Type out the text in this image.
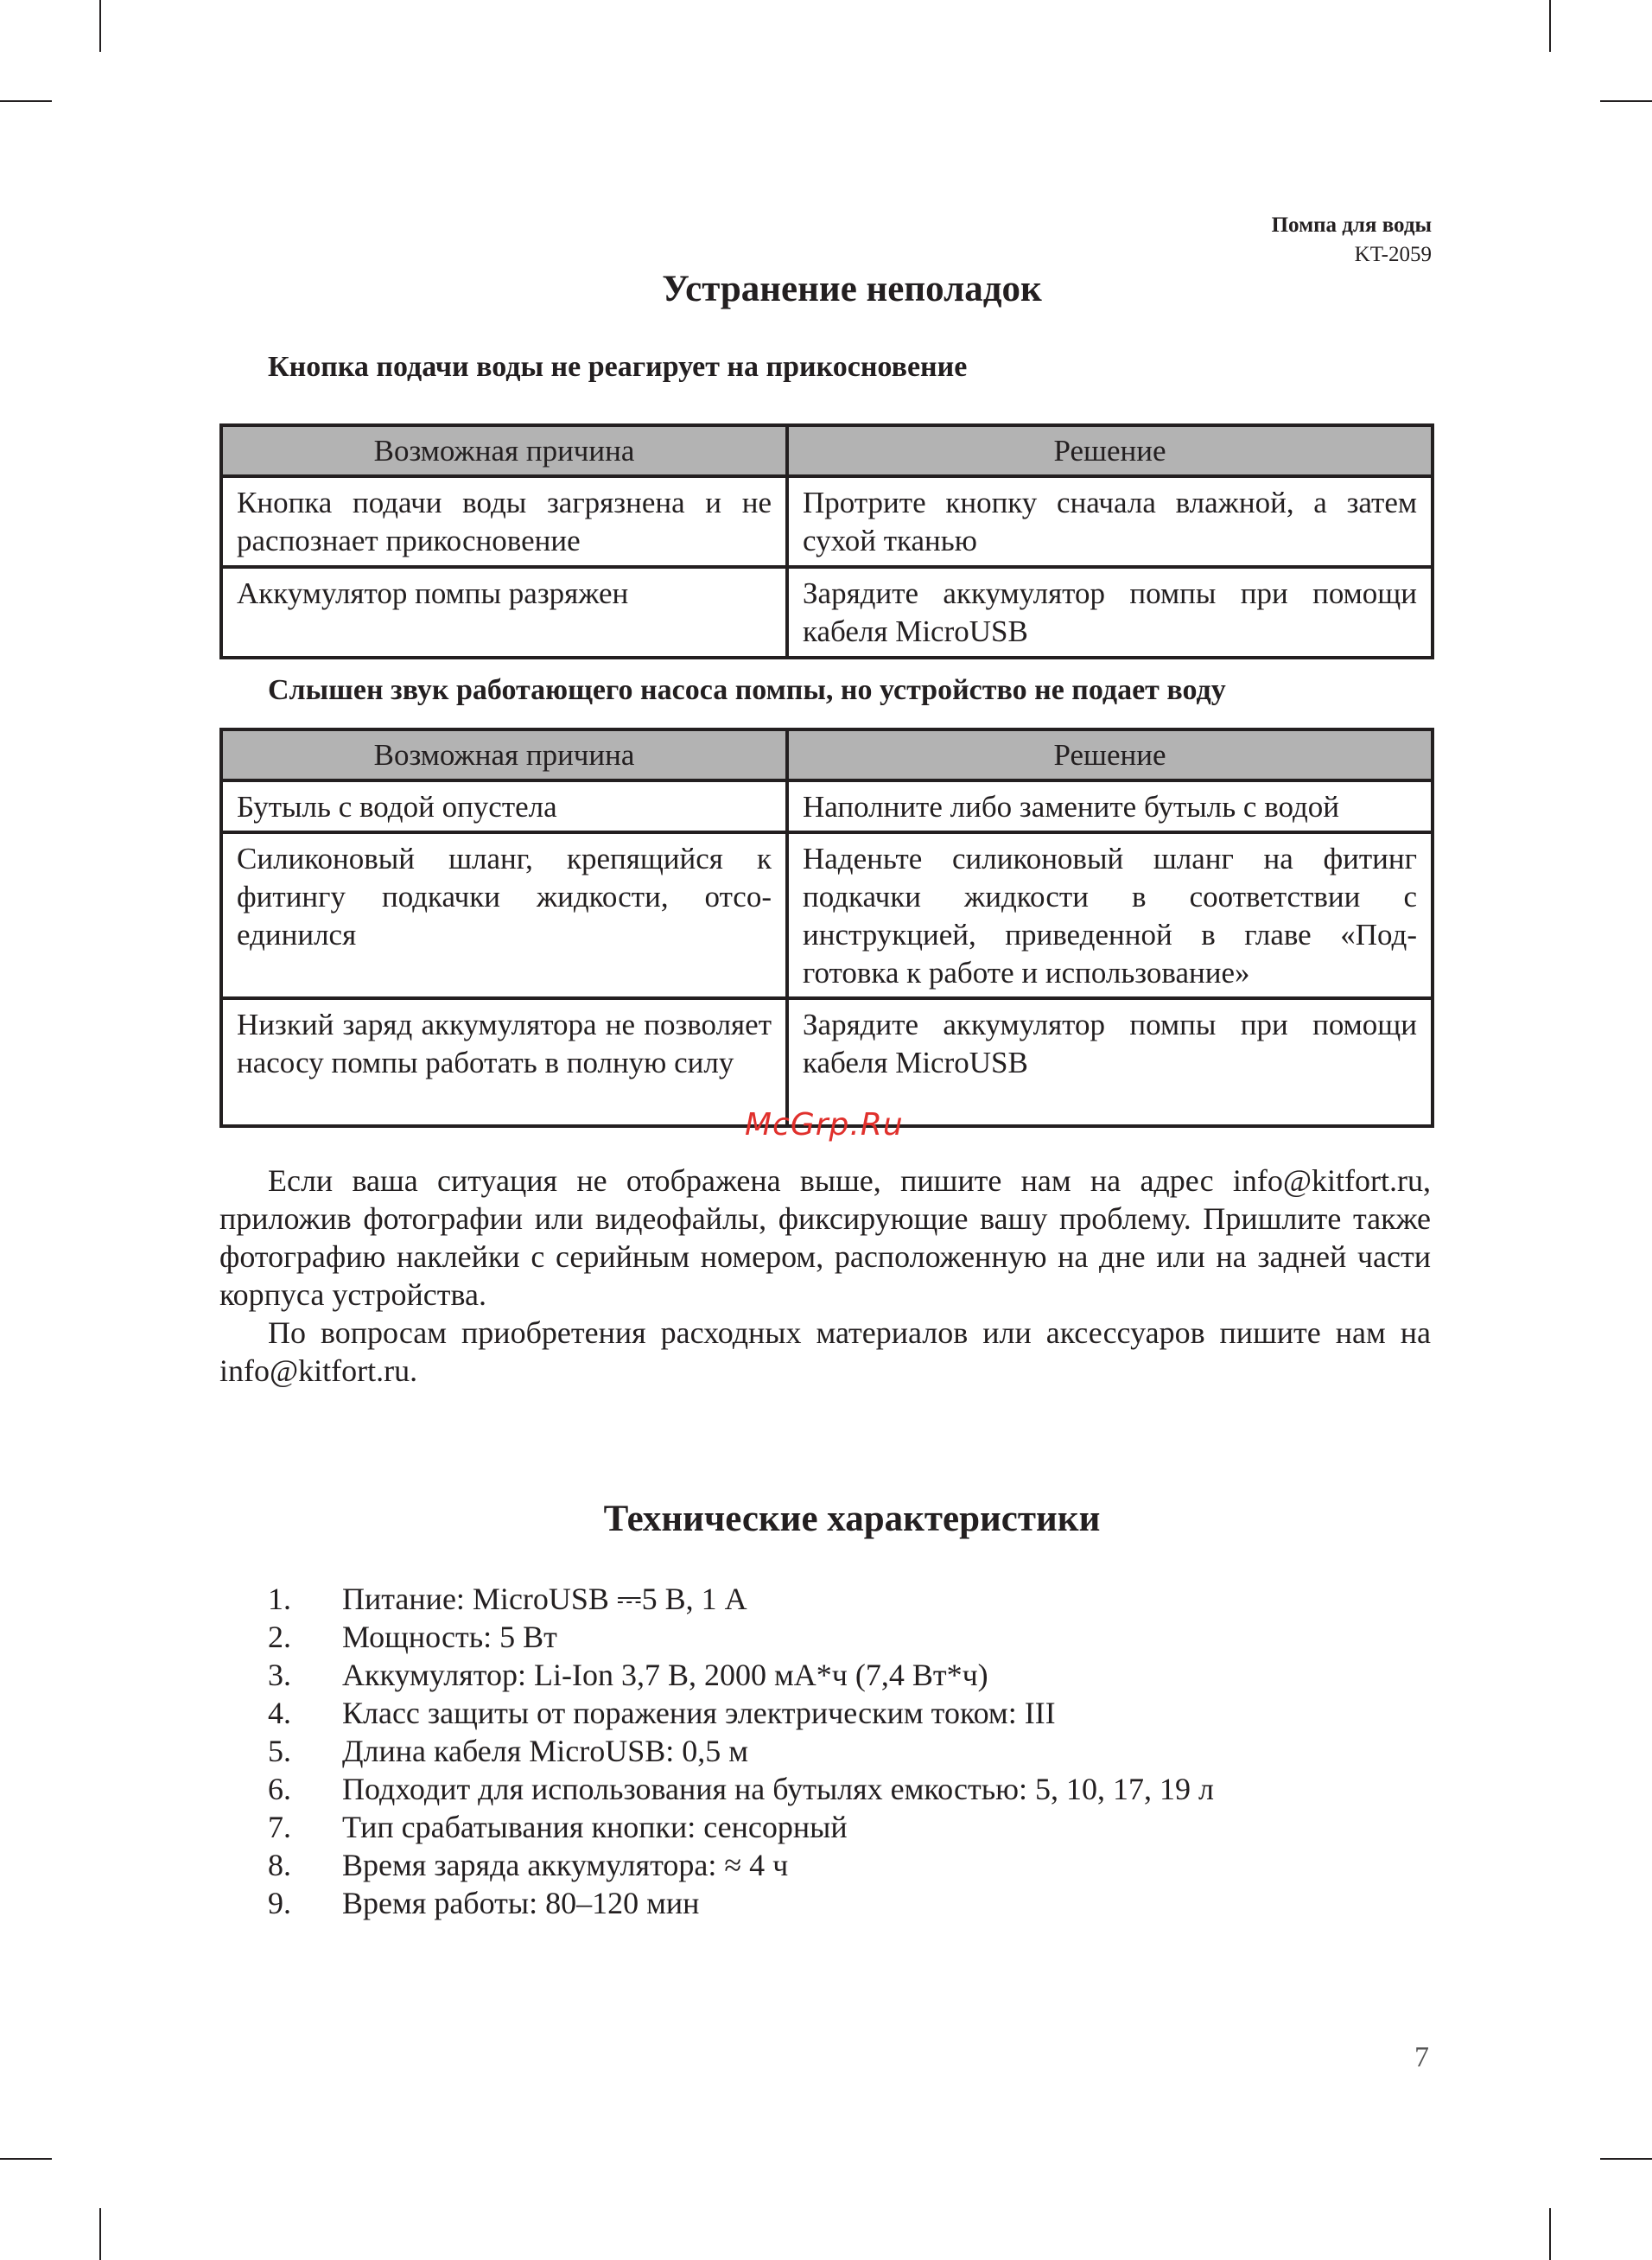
Помпа для воды
KT-2059
Устранение неполадок
Кнопка подачи воды не реагирует на прикосновение
Возможная причина	Решение
Кнопка подачи воды загрязнена и не распознает прикосновение	Протрите кнопку сначала влажной, а затем сухой тканью
Аккумулятор помпы разряжен	Зарядите аккумулятор помпы при помощи кабеля MicroUSB
Слышен звук работающего насоса помпы, но устройство не подает воду
Возможная причина	Решение
Бутыль с водой опустела	Наполните либо замените бутыль с водой
Силиконовый шланг, крепящийся к фитингу подкачки жидкости, отсоединился	Наденьте силиконовый шланг на фитинг подкачки жидкости в соответствии с инструкцией, приведенной в главе «Подготовка к работе и использование»
Низкий заряд аккумулятора не позволяет насосу помпы работать в полную силу	Зарядите аккумулятор помпы при помощи кабеля MicroUSB
McGrp.Ru

Если ваша ситуация не отображена выше, пишите нам на адрес info@kitfort.ru, приложив фотографии или видеофайлы, фиксирующие вашу проблему. Пришлите также фотографию наклейки с серийным номером, расположенную на дне или на задней части корпуса устройства.

По вопросам приобретения расходных материалов или аксессуаров пишите нам на info@kitfort.ru.

Технические характеристики
1.	Питание: MicroUSB ⎓5 В, 1 А
2.	Мощность: 5 Вт
3.	Аккумулятор: Li-Ion 3,7 В, 2000 мА*ч (7,4 Вт*ч)
4.	Класс защиты от поражения электрическим током: III
5.	Длина кабеля MicroUSB: 0,5 м
6.	Подходит для использования на бутылях емкостью: 5, 10, 17, 19 л
7.	Тип срабатывания кнопки: сенсорный
8.	Время заряда аккумулятора: ≈ 4 ч
9.	Время работы: 80–120 мин
7
